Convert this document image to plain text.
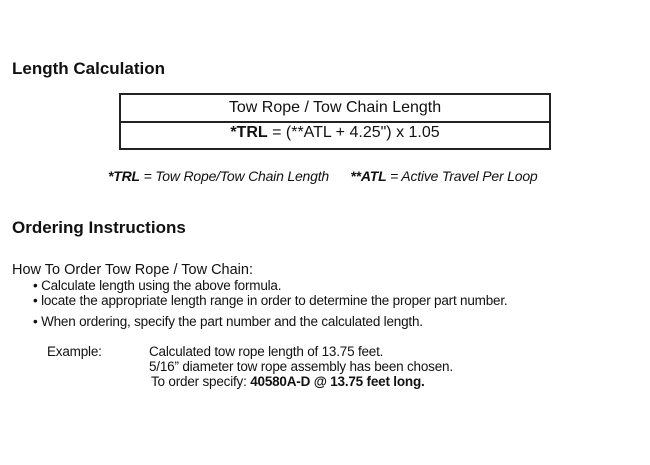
Length Calculation
Tow Rope / Tow Chain Length
*TRL = (**ATL + 4.25") x 1.05
*TRL = Tow Rope/Tow Chain Length **ATL = Active Travel Per Loop
Ordering Instructions
How To Order Tow Rope / Tow Chain:
• Calculate length using the above formula.
• locate the appropriate length range in order to determine the proper part number.
• When ordering, specify the part number and the calculated length.
Example:	Calculated tow rope length of 13.75 feet.
5/16” diameter tow rope assembly has been chosen.
To order specify: 40580A-D @ 13.75 feet long.
